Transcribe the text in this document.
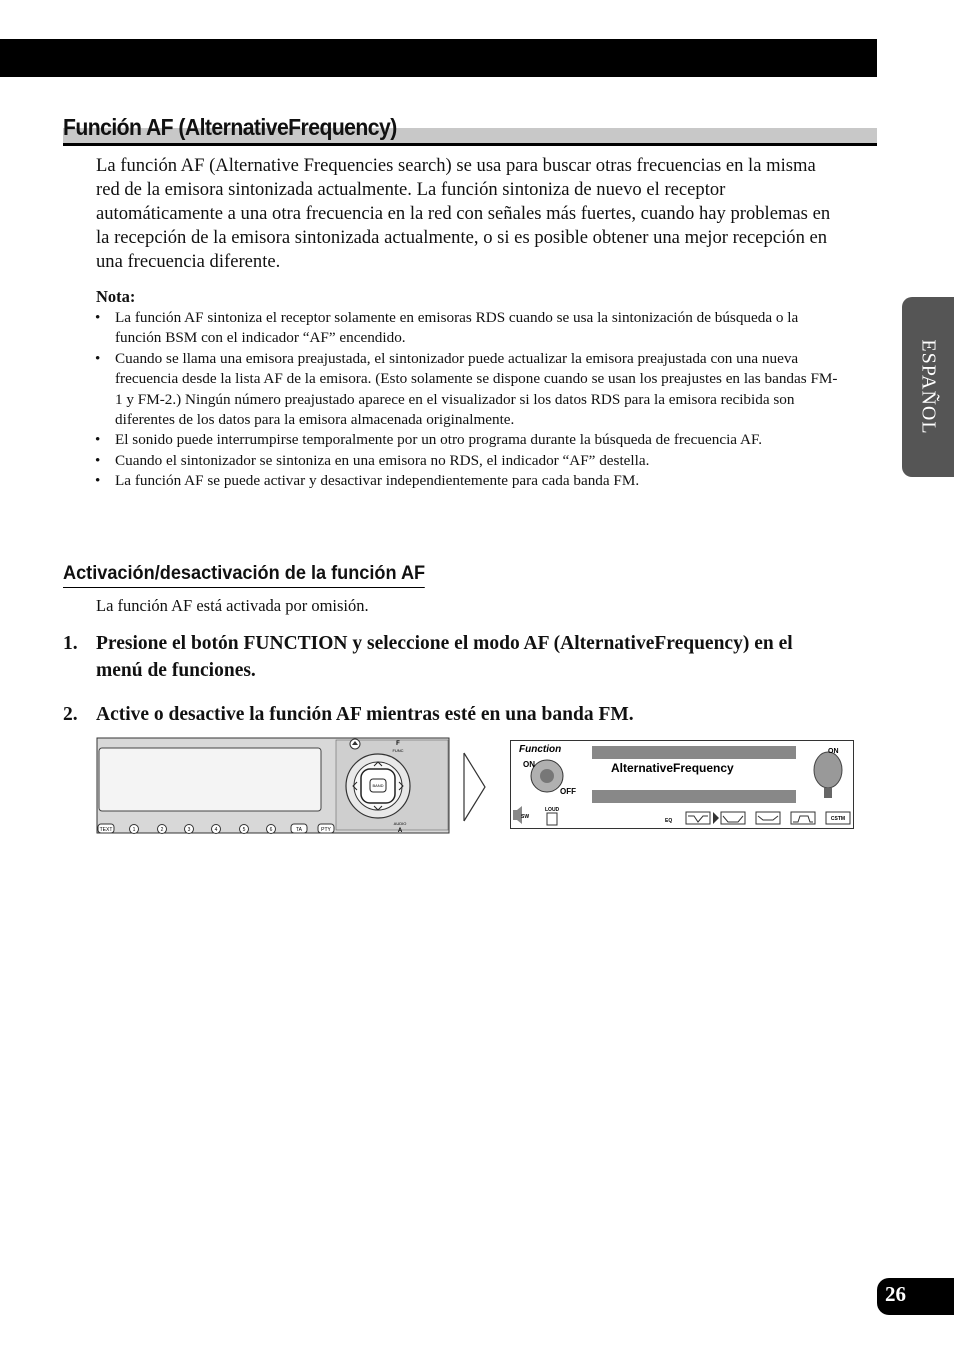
Función AF (AlternativeFrequency)

La función AF (Alternative Frequencies search) se usa para buscar otras frecuencias en la misma red de la emisora sintonizada actualmente. La función sintoniza de nuevo el receptor automáticamente a una otra frecuencia en la red con señales más fuertes, cuando hay problemas en la recepción de la emisora sintonizada actualmente, o si es posible obtener una mejor recepción en una frecuencia diferente.

Nota:
• La función AF sintoniza el receptor solamente en emisoras RDS cuando se usa la sintonización de búsqueda o la función BSM con el indicador “AF” encendido.
• Cuando se llama una emisora preajustada, el sintonizador puede actualizar la emisora preajustada con una nueva frecuencia desde la lista AF de la emisora. (Esto solamente se dispone cuando se usan los preajustes en las bandas FM-1 y FM-2.) Ningún número preajustado aparece en el visualizador si los datos RDS para la emisora recibida son diferentes de los datos para la emisora almacenada originalmente.
• El sonido puede interrumpirse temporalmente por un otro programa durante la búsqueda de frecuencia AF.
• Cuando el sintonizador se sintoniza en una emisora no RDS, el indicador “AF” destella.
• La función AF se puede activar y desactivar independientemente para cada banda FM.
Activación/desactivación de la función AF
La función AF está activada por omisión.
1. Presione el botón FUNCTION y seleccione el modo AF (AlternativeFrequency) en el menú de funciones.
2. Active o desactive la función AF mientras esté en una banda FM.
F
FUNC
BAND
AUDIO
A
TEXT	1	2	3	4	5	6	TA	PTY
Function
AlternativeFrequency
ON
OFF
ON
SW
LOUD
EQ	CSTM
ESPAÑOL
26
